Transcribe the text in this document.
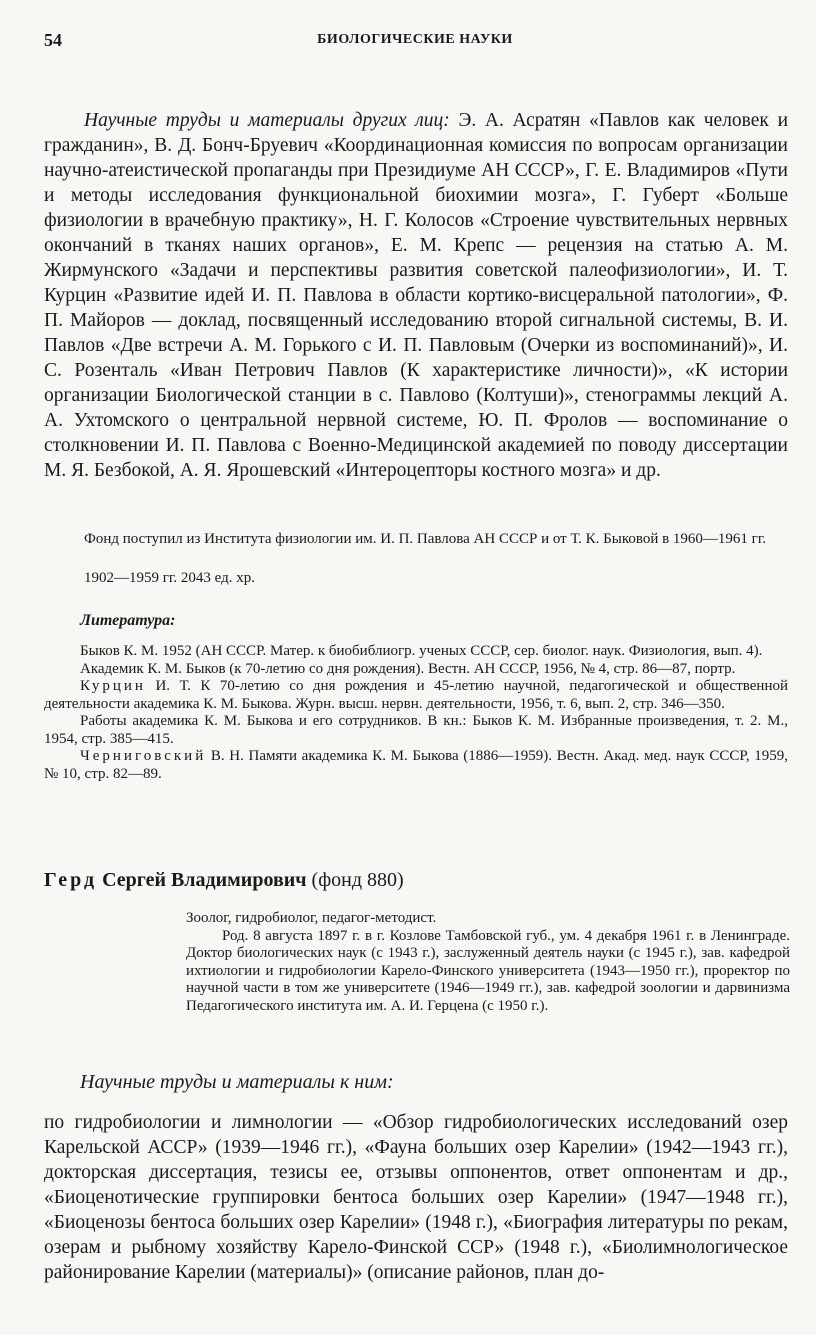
54	БИОЛОГИЧЕСКИЕ НАУКИ

Научные труды и материалы других лиц: Э. А. Асратян «Павлов как человек и гражданин», В. Д. Бонч-Бруевич «Координационная комиссия по вопросам организации научно-атеистической пропаганды при Президиуме АН СССР», Г. Е. Владимиров «Пути и методы исследования функциональной биохимии мозга», Г. Губерт «Больше физиологии в врачебную практику», Н. Г. Колосов «Строение чувствительных нервных окончаний в тканях наших органов», Е. М. Крепс — рецензия на статью А. М. Жирмунского «Задачи и перспективы развития советской палеофизиологии», И. Т. Курцин «Развитие идей И. П. Павлова в области кортико-висцеральной патологии», Ф. П. Майоров — доклад, посвященный исследованию второй сигнальной системы, В. И. Павлов «Две встречи А. М. Горького с И. П. Павловым (Очерки из воспоминаний)», И. С. Розенталь «Иван Петрович Павлов (К характеристике личности)», «К истории организации Биологической станции в с. Павлово (Колтуши)», стенограммы лекций А. А. Ухтомского о центральной нервной системе, Ю. П. Фролов — воспоминание о столкновении И. П. Павлова с Военно-Медицинской академией по поводу диссертации М. Я. Безбокой, А. Я. Ярошевский «Интероцепторы костного мозга» и др.

Фонд поступил из Института физиологии им. И. П. Павлова АН СССР и от Т. К. Быковой в 1960—1961 гг.

1902—1959 гг. 2043 ед. хр.

Литература:
Быков К. М. 1952 (АН СССР. Матер. к биобиблиогр. ученых СССР, сер. биолог. наук. Физиология, вып. 4).
Академик К. М. Быков (к 70-летию со дня рождения). Вестн. АН СССР, 1956, № 4, стр. 86—87, портр.
Курцин И. Т. К 70-летию со дня рождения и 45-летию научной, педагогической и общественной деятельности академика К. М. Быкова. Журн. высш. нервн. деятельности, 1956, т. 6, вып. 2, стр. 346—350.
Работы академика К. М. Быкова и его сотрудников. В кн.: Быков К. М. Избранные произведения, т. 2. М., 1954, стр. 385—415.
Черниговский В. Н. Памяти академика К. М. Быкова (1886—1959). Вестн. Акад. мед. наук СССР, 1959, № 10, стр. 82—89.
Герд Сергей Владимирович (фонд 880)

Зоолог, гидробиолог, педагог-методист.

Род. 8 августа 1897 г. в г. Козлове Тамбовской губ., ум. 4 декабря 1961 г. в Ленинграде. Доктор биологических наук (с 1943 г.), заслуженный деятель науки (с 1945 г.), зав. кафедрой ихтиологии и гидробиологии Карело-Финского университета (1943—1950 гг.), проректор по научной части в том же университете (1946—1949 гг.), зав. кафедрой зоологии и дарвинизма Педагогического института им. А. И. Герцена (с 1950 г.).

Научные труды и материалы к ним:

по гидробиологии и лимнологии — «Обзор гидробиологических исследований озер Карельской АССР» (1939—1946 гг.), «Фауна больших озер Карелии» (1942—1943 гг.), докторская диссертация, тезисы ее, отзывы оппонентов, ответ оппонентам и др., «Биоценотические группировки бентоса больших озер Карелии» (1947—1948 гг.), «Биоценозы бентоса больших озер Карелии» (1948 г.), «Биография литературы по рекам, озерам и рыбному хозяйству Карело-Финской ССР» (1948 г.), «Биолимнологическое районирование Карелии (материалы)» (описание районов, план до-
